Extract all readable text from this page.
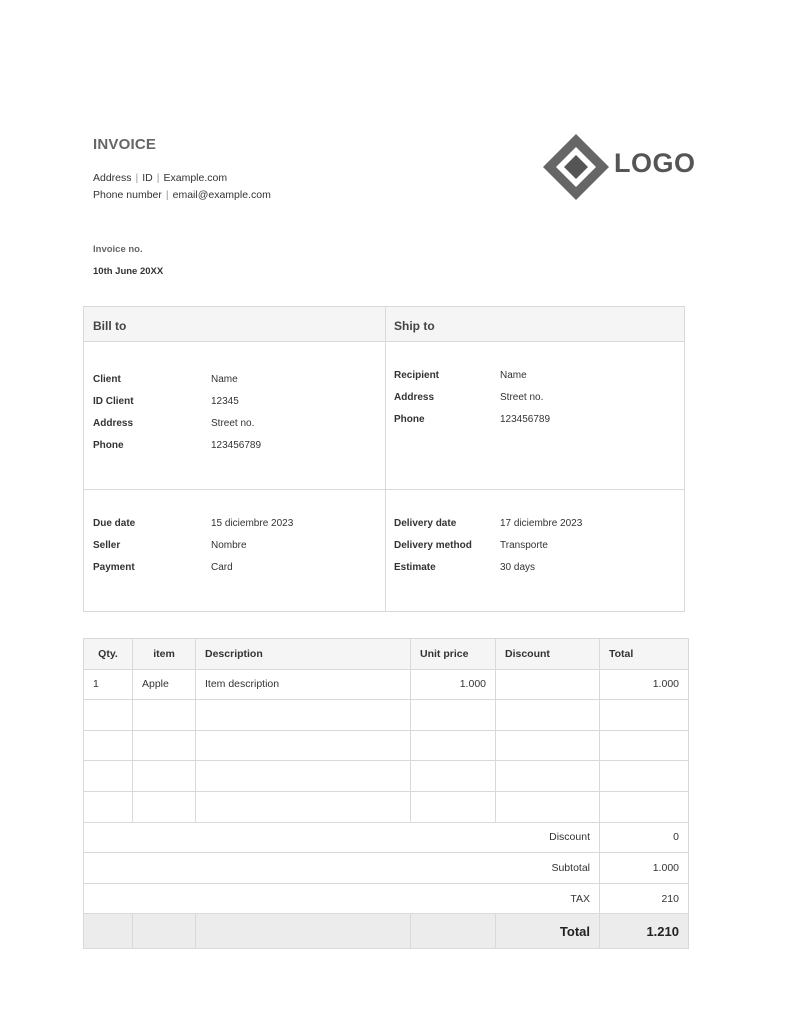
INVOICE
Address | ID | Example.com
Phone number | email@example.com
LOGO
Invoice no.
10th June 20XX
Bill to	Ship to
Client	Name
ID Client	12345
Address	Street no.
Phone	123456789
Recipient	Name
Address	Street no.
Phone	123456789
Due date	15 diciembre 2023
Seller	Nombre
Payment	Card
Delivery date	17 diciembre 2023
Delivery method	Transporte
Estimate	30 days
Qty.	item	Description	Unit price	Discount	Total
1	Apple	Item description	1.000		1.000

Discount					0
Subtotal					1.000
TAX					210
				Total	1.210
